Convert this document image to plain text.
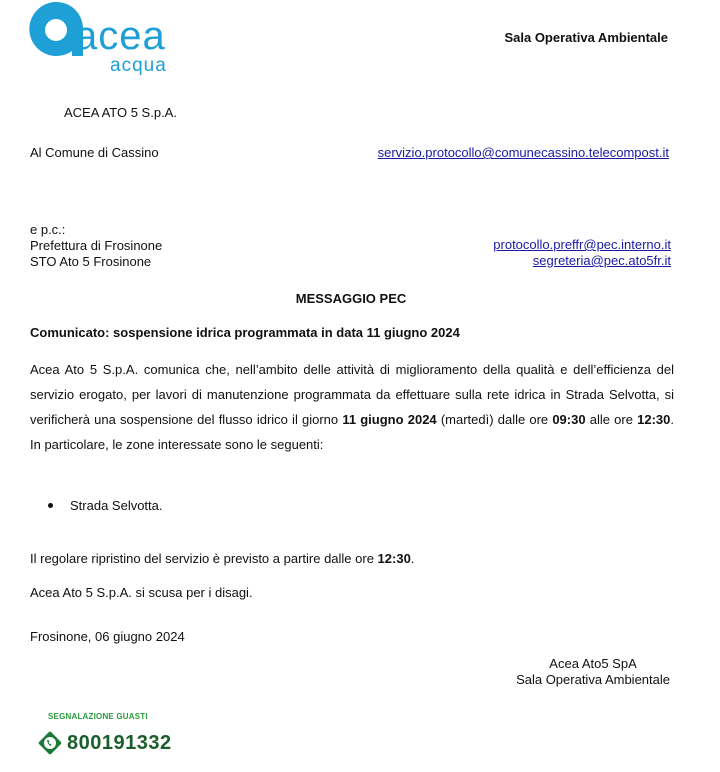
acea
acqua
Sala Operativa Ambientale
ACEA ATO 5 S.p.A.
Al Comune di Cassino	servizio.protocollo@comunecassino.telecompost.it
e p.c.:
Prefettura di Frosinone
STO Ato 5 Frosinone
protocollo.preffr@pec.interno.it
segreteria@pec.ato5fr.it
MESSAGGIO PEC
Comunicato: sospensione idrica programmata in data 11 giugno 2024
Acea Ato 5 S.p.A. comunica che, nell’ambito delle attività di miglioramento della qualità e dell’efficienza del servizio erogato, per lavori di manutenzione programmata da effettuare sulla rete idrica in Strada Selvotta, si verificherà una sospensione del flusso idrico il giorno 11 giugno 2024 (martedì) dalle ore 09:30 alle ore 12:30. In particolare, le zone interessate sono le seguenti:
Strada Selvotta.
Il regolare ripristino del servizio è previsto a partire dalle ore 12:30.
Acea Ato 5 S.p.A. si scusa per i disagi.
Frosinone, 06 giugno 2024
Acea Ato5 SpA
Sala Operativa Ambientale
SEGNALAZIONE GUASTI
800191332
